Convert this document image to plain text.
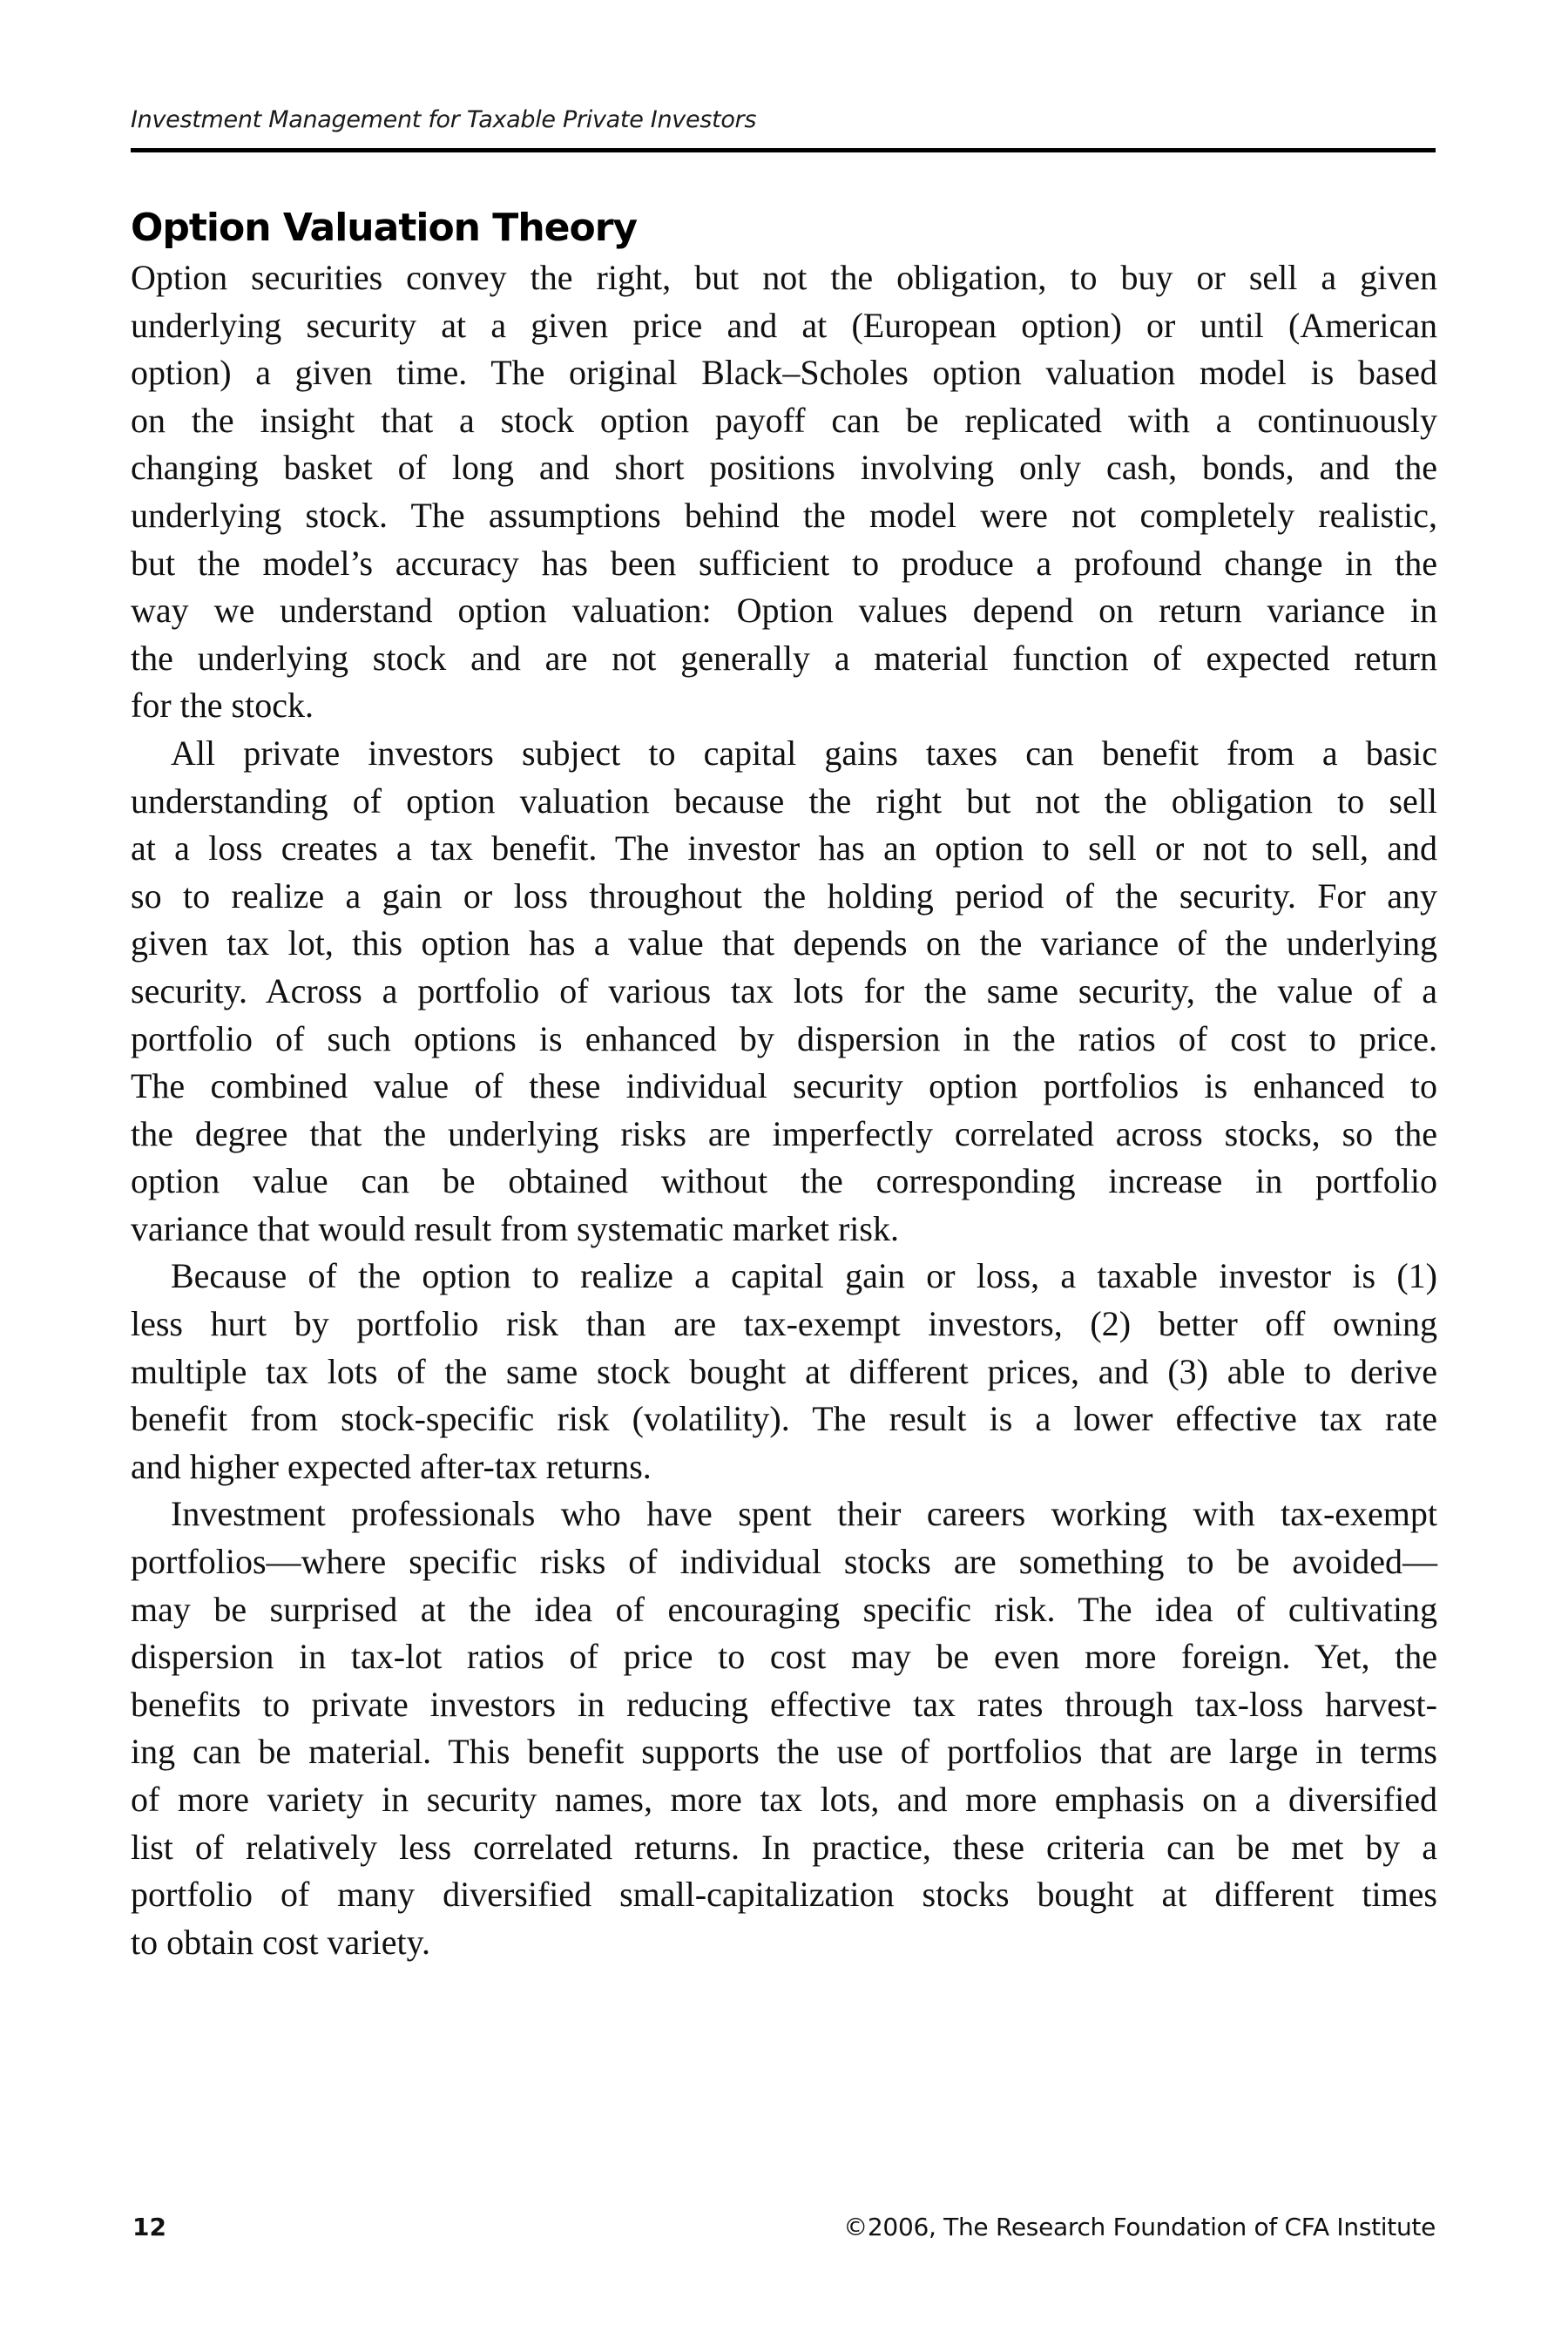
Investment Management for Taxable Private Investors
Option Valuation Theory
Option securities convey the right, but not the obligation, to buy or sell a given
underlying security at a given price and at (European option) or until (American
option) a given time. The original Black–Scholes option valuation model is based
on the insight that a stock option payoff can be replicated with a continuously
changing basket of long and short positions involving only cash, bonds, and the
underlying stock. The assumptions behind the model were not completely realistic,
but the model’s accuracy has been sufficient to produce a profound change in the
way we understand option valuation: Option values depend on return variance in
the underlying stock and are not generally a material function of expected return
for the stock.
All private investors subject to capital gains taxes can benefit from a basic
understanding of option valuation because the right but not the obligation to sell
at a loss creates a tax benefit. The investor has an option to sell or not to sell, and
so to realize a gain or loss throughout the holding period of the security. For any
given tax lot, this option has a value that depends on the variance of the underlying
security. Across a portfolio of various tax lots for the same security, the value of a
portfolio of such options is enhanced by dispersion in the ratios of cost to price.
The combined value of these individual security option portfolios is enhanced to
the degree that the underlying risks are imperfectly correlated across stocks, so the
option value can be obtained without the corresponding increase in portfolio
variance that would result from systematic market risk.
Because of the option to realize a capital gain or loss, a taxable investor is (1)
less hurt by portfolio risk than are tax-exempt investors, (2) better off owning
multiple tax lots of the same stock bought at different prices, and (3) able to derive
benefit from stock-specific risk (volatility). The result is a lower effective tax rate
and higher expected after-tax returns.
Investment professionals who have spent their careers working with tax-exempt
portfolios—where specific risks of individual stocks are something to be avoided—
may be surprised at the idea of encouraging specific risk. The idea of cultivating
dispersion in tax-lot ratios of price to cost may be even more foreign. Yet, the
benefits to private investors in reducing effective tax rates through tax-loss harvest-
ing can be material. This benefit supports the use of portfolios that are large in terms
of more variety in security names, more tax lots, and more emphasis on a diversified
list of relatively less correlated returns. In practice, these criteria can be met by a
portfolio of many diversified small-capitalization stocks bought at different times
to obtain cost variety.
12	©2006, The Research Foundation of CFA Institute
